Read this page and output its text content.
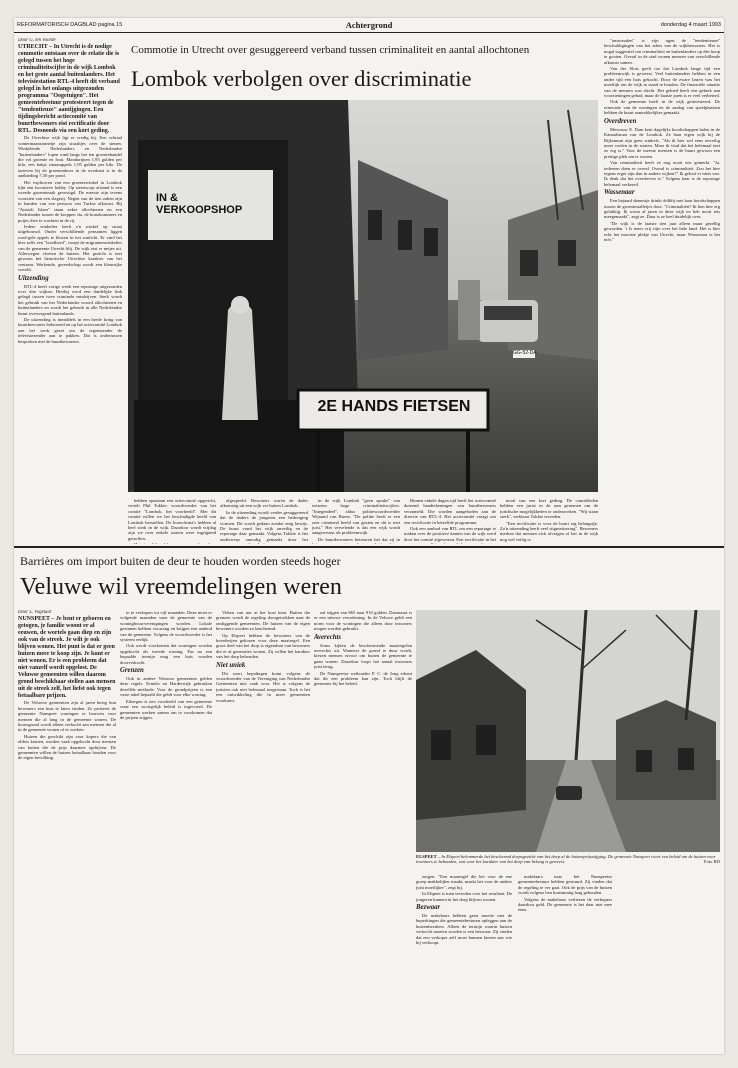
REFORMATORISCH DAGBLAD pagina 15	Achtergrond	donderdag 4 maart 1993
Door G. ten Voorde
UTRECHT – In Utrecht is de nodige commotie ontstaan over de relatie die is gelegd tussen het hoge criminaliteitscijfer in de wijk Lombok en het grote aantal buitenlanders. Het televisiestation RTL-4 heeft dit verband gelegd in het onlangs uitgezonden programma "Oogetuigen". Het gemeentebestuur protesteert tegen de "tendentieuze" aantijgingen. Een tijdingsbericht actiecomité van buurtbewoners eist rectificatie door RTL. Desnoods via een kort geding.

De Utrechtse wijk ligt er vredig bij. Een schraal wintermaanzonnetje zijn straaltjes over de stenen. Winkelende Nederlanders en Nederlandse "buitenlanders" lopen rond langs het ten groentehandel die vol groente en fruit. Mandarijnen 1,95 gulden per kilo, een bakje sinaasappels 1,95 gulden per kilo. De tarieven bij de groentenboer in de overkant is in de aanbieding 7,50 per pond.

Het expliceren van een groentewinkel in Lombok lijkt een lucratieve hobby. Op steenworp afstand is een tweede groentezaak gevestigd. De meeste zijn tevens voorzien van een slagerij. Negen van de tien zaken zijn in handen van een persoon van Turkse afkomst. Bij "Anatoli Islam" staan zeker allochtonen en een Nederlander tussen de kroppen sla, de konokommers en potjes thee te wachten in de rij.

Iedere winkelier heeft z'n winkel op straat uitgebouwd. Onder verschillende pensanten liggen rood-gele appels te blozen in het zonlicht. Er vind het hier zelfs een "boodbord", troept de migrantenwinkelier van de gemeente Utrecht blij. De wijk ziet er netjes uit. Allerwegen vloeien de huizen. Het gezicht is niet gewoon het historische Utrechtse karakter van het centrum. Werkende, gereedschap wordt een kleurrijke wereld.

Uitzending

RTL-4 heeft vorige week een reportage uitgezonden over drie wijken. Hierbij werd een duidelijke link gelegd tussen twee criminele misdrijven. Sterk wordt het gebruik van het Nederlandse woord allochtonen en buitenlanders en wordt het gebruik in alle Nederlandse buurt overwegend buitenlands.

De uitzending is inmiddels in een brede kring van buurtbewoners beluisterd en op het actiecomité Lombok aan het werk gezet om de tegenstander de televisiezender aan te pakken. Dat is ondertussen besproken met de buurtbewoners.

Commotie in Utrecht over gesuggereerd verband tussen criminaliteit en aantal allochtonen
Lombok verbolgen over discriminatie
IN & VERKOOPSHOP
2E HANDS FIETSEN
GG-52-DA

hebben spontaan een actiecomité opgericht, vertelt Phil Tokkie, woordvoerder van het comité "Lombok, het voorbeeld". Met dit comité willen we het beschadigde beeld van Lombok herstellen. De bouwfirma's hebben al heel sterk in de wijk. Daardoor wordt vrijdag zijn we over enkele straten weer ingrijpend getroffen.

afgespeeld. Bewoners waren de dader afkomstig uit een wijk ver buiten Lombok.

In de uitzending wordt verder gesuggereerd dat de daders de jongeren een bedreiging vormen. Dit wordt gedaan zonder enig bewijs. De buurt vond het wijk onveilig en de reportage daar gemaakt. Volgens Tokkie is het onderwerp onnodig gemaakt door het

in de wijk Lombok "geen sprake" van extreem hoge criminaliteitscijfers. "Integendeel", aldus politiewoordvoerder Wijnand van Buren. "De politie heeft er een zeer crimineel beeld van gezien en dit is niet juist." Het vervelende is dat een wijk wordt aangewezen als probleemwijk.

De buurtbewoners betreuren het dat zij in

Binnen enkele dagen tijd heeft het actiecomité duizend handtekeningen van buurtbewoners verzameld. Die worden aangeboden aan de directie van RTL-4. Het actiecomité vraagt om een rectificatie in hetzelfde programma.

Ook een aanbod van RTL om een reportage te maken over de positieve kanten van de wijk werd door het comité afgewezen. Een rectificatie in het

nooit van een kort geding. De comitéleden hebben een jurist in de arm genomen om de juridische mogelijkheden te onderzoeken. "Wij staan sterk", verklaart Tokkie tevreden.

"Een rectificatie is voor de buurt erg belangrijk. Zo'n uitzending heeft veel stigmatisering". Bewoners merken dat mensen zich afvragen of het in de wijk nog wel veilig is.

"omroeoden" is zijn ogen de "tendentieuze" beschuldigingen van het adres van de wijkbewoners. Het is nogal suggestief om criminaliteit en buitenlanders op één hoop te gooien. Overal in de stad wonen mensen van verschillende afkomst samen.

Van der Sluis geeft toe dat Lombok lange tijd een probleemwijk is geweest. Veel buitenlanders hebben in een ander tijd een huis gekocht. Door de zware lasten was het moeilijk om de wijk in stand te houden. De financiële situatie van de mensen was slecht. Het gebied heeft een gebrek aan voorzieningen gehad, maar de laatste jaren is er veel verbeterd.

Ook de gemeente heeft in de wijk geïnvesteerd. De renovatie van de woningen en de aanleg van speelplaatsen hebben de buurt aantrekkelijker gemaakt.

Overdreven

Mevrouw E. Dam kent dagelijks boodschappen halen in de Kanaalstraat van de Lombok. Ze haar eigen wijk bij de Rijksmunt zijn geen winkels. "Als ik hier wel eens onveilig moet voelen in de straten. Maar ik vind dat het helemaal niet zo erg is." Voor de meeste mensen is de buurt gewoon een prettige plek om te wonen.

Van criminaliteit heeft ze nog nooit iets gemerkt. "Ja, iedereen doen er overal. Overal is criminaliteit. Zou het hier ergens erger zijn dan in andere wijken?" Ik geloof er niets van. Ik denk dat het overdreven is." Volgens haar is de reportage helemaal verkeerd.

Wassenaar

Een bejaard damestje drinkt dolblij met haar boodschappen tussen de groentestalletjes door. "Criminaliteit? Ik ben hier erg gelukkig. Ik woon al jaren in deze wijk en heb nooit iets meegemaakt", zegt ze. Daar is ze heel duidelijk over.

"De wijk is de laatste tien jaar alleen maar gezellig geworden. 't Is meer vrij ritje over het hele land. Het is hier echt het mooiste plekje van Utrecht, maar Wassenaar is het niet."

Barrières om import buiten de deur te houden worden steeds hoger
Veluwe wil vreemdelingen weren
Door L. Vogelaar
NUNSPEET – Je bent er geboren en getogen, je familie woont er al eeuwen, de wortels gaan diep en zijn ook van de streek. Je wilt je ook blijven wonen. Het punt is dat er geen huizen meer te koop zijn. Je kunt er niet wonen. Er is een probleem dat niet vanzelf wordt opgelost. De Veluwse gemeenten willen daarom grond beschikbaar stellen aan mensen uit de streek zelf, het liefst ook tegen betaalbare prijzen.

De Veluwse gemeenten zijn al jaren bezig hun bewoners een huis te laten vinden. Zo probeert de gemeente Nunspeet woningen te bouwen voor mensen die al lang in de gemeente wonen. De bouwgrond wordt alleen verkocht aan mensen die al in de gemeente wonen of er werken.

Huizen die geschikt zijn voor kopers die van elders komen, worden vaak opgekocht door mensen van buiten die de prijs daarmee opdrijven. De gemeenten willen de huizen betaalbaar houden voor de eigen bevolking.

to te verkopen tot vijf maanden. Deze moet er volgende maanden naar de gemeente van de woningbouwverenigingen worden. Lokale gezinnen hebben voorrang en krijgen een aanbod van de gemeente. Volgens de woordvoerder is het systeem eerlijk.

Ook wordt voorkomen dat woningen worden opgekocht als tweede woning. Pas na een bepaalde termijn mag een huis worden doorverkocht.

Grenzen

Ook in andere Veluwse gemeenten gelden deze regels. Ermelo en Harderwijk gebruiken dezelfde methode. Voor de grondprijzen is een vaste tabel bepaald die geldt voor elke woning.

Eibergen is een voorbeeld van een gemeente waar een soortgelijk beleid is ingevoerd. De gemeenten werken samen om te voorkomen dat de prijzen stijgen.

Velsen van uur at het kust kent. Buiten die grenzen wordt de regeling doorgetrokken naar de omliggende gemeenten. De huizen van de eigen bewoners worden zo beschermd.

Op Elspeet hebben de bewoners van de boerderijen gekozen voor deze maatregel. Een groot deel van het dorp is eigendom van bewoners die er al generaties wonen. Zij willen het karakter van het dorp behouden.

Niet uniek

Dit soort bepalingen komt volgens de woordvoerder van de Vereniging van Nederlandse Gemeenten niet vaak voor. Het is volgens de juristen ook niet helemaal toegestaan. Toch is het een ontwikkeling die in meer gemeenten voorkomt.

zal stijgen van 865 naar 910 gulden. Daarnaast is er een nieuwe verordening. In de Veluwe geldt een norm voor de woningen die alleen door inwoners mogen worden gebruikt.

Averechts

Soms kijken de beschermende maatregelen averechts uit. Wanneer de grond te duur wordt, kiezen mensen ervoor om buiten de gemeente te gaan wonen. Daardoor loopt het aantal inwoners juist terug.

De Nunspeetse wethouder P. C. de Jong erkent dat dit een probleem kan zijn. Toch blijft de gemeente bij het beleid.

ELSPEET – In Elspeet belemmerde het beschermd dorpsgezicht van het dorp al de huizenprijsstijging. De gemeente Nunspeet voert een beleid om de huizen voor inwoners te behouden, wat voor het karakter van het dorp van belang is geweest.	Foto RD

zorgen. "Een maatregel die het voor de ene groep makkelijker maakt, maakt het voor de andere juist moeilijker", zegt hij.

In Elspeet is men tevreden over het resultaat. De jongeren kunnen in het dorp blijven wonen.

Bezwaar

De makelaars hebben geen moeite met de beperkingen die gemeentebesturen opleggen aan de huizenbezitters. Alleen de termijn waarin huizen verkocht moeten worden is een bezwaar. Zij vinden dat een verkoper zelf moet kunnen kiezen aan wie hij verkoopt.

makelaars naar het Nunspeetse gemeentebestuur hebben gestuurd. Zij vinden dat de regeling te ver gaat. Ook de prijs van de huizen wordt volgens hen kunstmatig laag gehouden.

Volgens de makelaars verliezen de verkopers daardoor geld. De gemeente is het daar niet mee eens.
